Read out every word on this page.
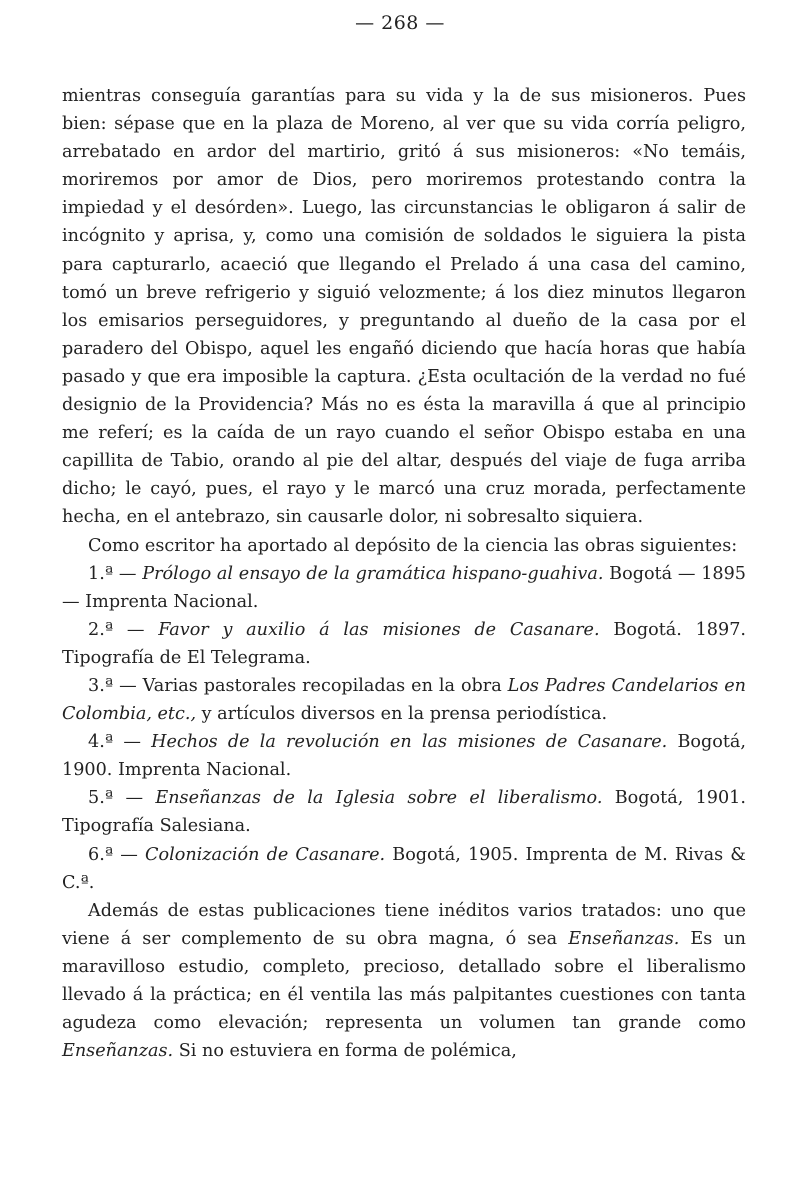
— 268 —

mientras conseguía garantías para su vida y la de sus misioneros. Pues bien: sépase que en la plaza de Moreno, al ver que su vida corría peligro, arrebatado en ardor del martirio, gritó á sus misioneros: «No temáis, moriremos por amor de Dios, pero moriremos protestando contra la impiedad y el desórden». Luego, las circunstancias le obligaron á salir de incógnito y aprisa, y, como una comisión de soldados le siguiera la pista para capturarlo, acaeció que llegando el Prelado á una casa del camino, tomó un breve refrigerio y siguió velozmente; á los diez minutos llegaron los emisarios perseguidores, y preguntando al dueño de la casa por el paradero del Obispo, aquel les engañó diciendo que hacía horas que había pasado y que era imposible la captura. ¿Esta ocultación de la verdad no fué designio de la Providencia? Más no es ésta la maravilla á que al principio me referí; es la caída de un rayo cuando el señor Obispo estaba en una capillita de Tabio, orando al pie del altar, después del viaje de fuga arriba dicho; le cayó, pues, el rayo y le marcó una cruz morada, perfectamente hecha, en el antebrazo, sin causarle dolor, ni sobresalto siquiera.

Como escritor ha aportado al depósito de la ciencia las obras siguientes:

1.ª — Prólogo al ensayo de la gramática hispano-guahiva. Bogotá — 1895 — Imprenta Nacional.

2.ª — Favor y auxilio á las misiones de Casanare. Bogotá. 1897. Tipografía de El Telegrama.

3.ª — Varias pastorales recopiladas en la obra Los Padres Candelarios en Colombia, etc., y artículos diversos en la prensa periodística.

4.ª — Hechos de la revolución en las misiones de Casanare. Bogotá, 1900. Imprenta Nacional.

5.ª — Enseñanzas de la Iglesia sobre el liberalismo. Bogotá, 1901. Tipografía Salesiana.

6.ª — Colonización de Casanare. Bogotá, 1905. Imprenta de M. Rivas & C.ª.

Además de estas publicaciones tiene inéditos varios tratados: uno que viene á ser complemento de su obra magna, ó sea Enseñanzas. Es un maravilloso estudio, completo, precioso, detallado sobre el liberalismo llevado á la práctica; en él ventila las más palpitantes cuestiones con tanta agudeza como elevación; representa un volumen tan grande como Enseñanzas. Si no estuviera en forma de polémica,
